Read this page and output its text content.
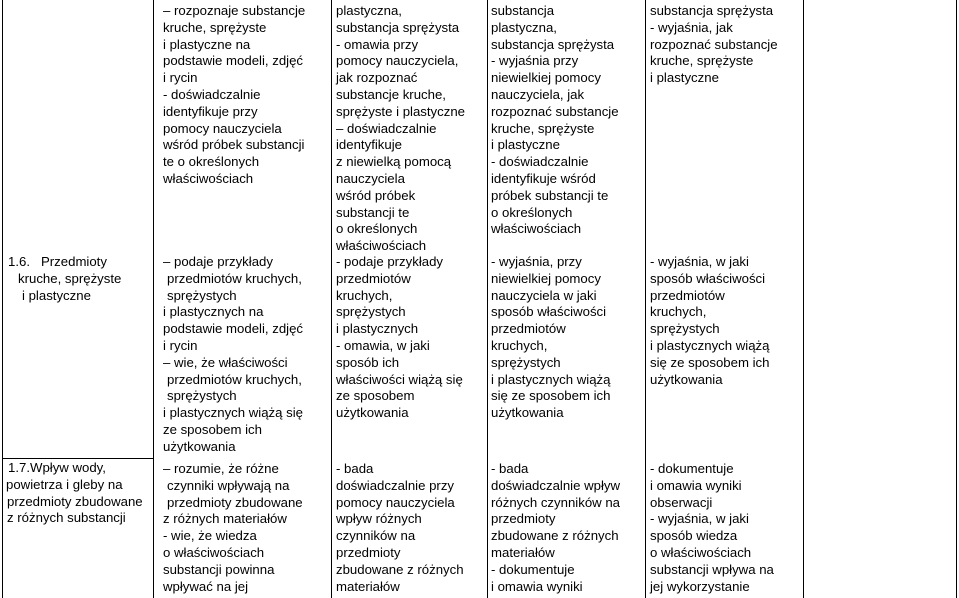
1.6.   Przedmioty
kruche, sprężyste
i plastyczne
1.7.Wpływ wody,
powietrza i gleby na
przedmioty zbudowane
z różnych substancji
– rozpoznaje substancje
kruche, sprężyste
i plastyczne na
podstawie modeli, zdjęć
i rycin
- doświadczalnie
identyfikuje przy
pomocy nauczyciela
wśród próbek substancji
te o określonych
właściwościach
– podaje przykłady
przedmiotów kruchych,
sprężystych
i plastycznych na
podstawie modeli, zdjęć
i rycin
– wie, że właściwości
przedmiotów kruchych,
sprężystych
i plastycznych wiążą się
ze sposobem ich
użytkowania
– rozumie, że różne
czynniki wpływają na
przedmioty zbudowane
z różnych materiałów
- wie, że wiedza
o właściwościach
substancji powinna
wpływać na jej
plastyczna,
substancja sprężysta
- omawia przy
pomocy nauczyciela,
jak rozpoznać
substancje kruche,
sprężyste i plastyczne
– doświadczalnie
identyfikuje
z niewielką pomocą
nauczyciela
wśród próbek
substancji te
o określonych
właściwościach
- podaje przykłady
przedmiotów
kruchych,
sprężystych
i plastycznych
- omawia, w jaki
sposób ich
właściwości wiążą się
ze sposobem
użytkowania
- bada
doświadczalnie przy
pomocy nauczyciela
wpływ różnych
czynników na
przedmioty
zbudowane z różnych
materiałów
substancja
plastyczna,
substancja sprężysta
- wyjaśnia przy
niewielkiej pomocy
nauczyciela, jak
rozpoznać substancje
kruche, sprężyste
i plastyczne
- doświadczalnie
identyfikuje wśród
próbek substancji te
o określonych
właściwościach
- wyjaśnia, przy
niewielkiej pomocy
nauczyciela w jaki
sposób właściwości
przedmiotów
kruchych,
sprężystych
i plastycznych wiążą
się ze sposobem ich
użytkowania
- bada
doświadczalnie wpływ
różnych czynników na
przedmioty
zbudowane z różnych
materiałów
- dokumentuje
i omawia wyniki
substancja sprężysta
- wyjaśnia, jak
rozpoznać substancje
kruche, sprężyste
i plastyczne
- wyjaśnia, w jaki
sposób właściwości
przedmiotów
kruchych,
sprężystych
i plastycznych wiążą
się ze sposobem ich
użytkowania
- dokumentuje
i omawia wyniki
obserwacji
- wyjaśnia, w jaki
sposób wiedza
o właściwościach
substancji wpływa na
jej wykorzystanie
